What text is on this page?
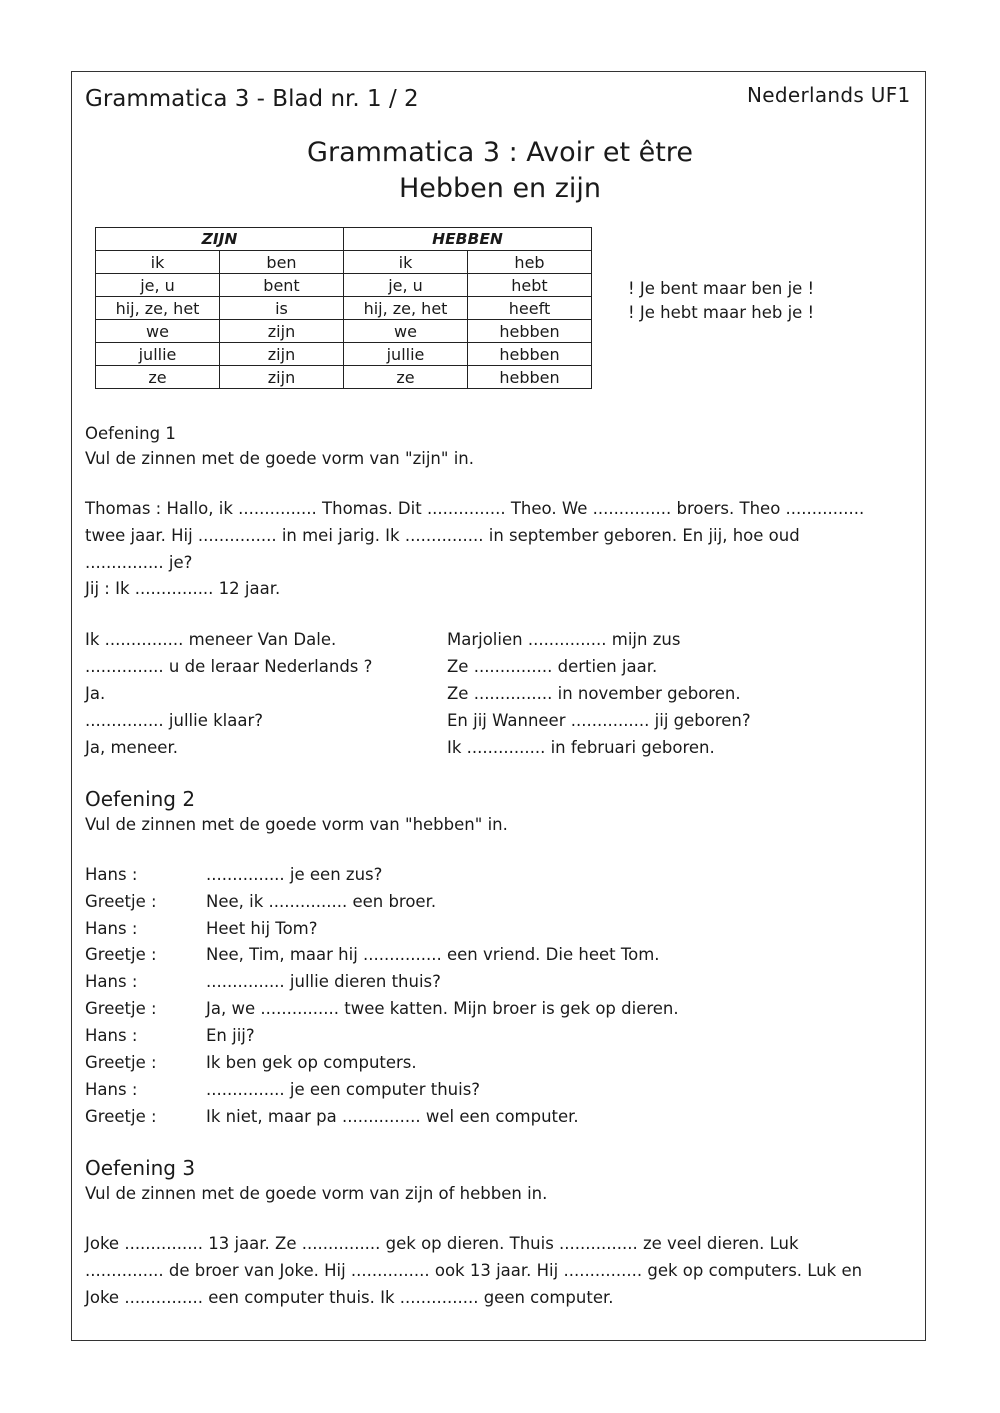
Grammatica 3 - Blad nr. 1 / 2	Nederlands UF1
Grammatica 3 : Avoir et être
Hebben en zijn
ZIJN		HEBBEN	
ik	ben	ik	heb
je, u	bent	je, u	hebt
hij, ze, het	is	hij, ze, het	heeft
we	zijn	we	hebben
jullie	zijn	jullie	hebben
ze	zijn	ze	hebben
! Je bent maar ben je !
! Je hebt maar heb je !
Oefening 1
Vul de zinnen met de goede vorm van "zijn" in.
Thomas : Hallo, ik ............... Thomas. Dit ............... Theo. We ............... broers. Theo ...............
twee jaar. Hij ............... in mei jarig. Ik ............... in september geboren. En jij, hoe oud
............... je?
Jij : Ik ............... 12 jaar.
Ik ............... meneer Van Dale.
............... u de leraar Nederlands ?
Ja.
............... jullie klaar?
Ja, meneer.
Marjolien ............... mijn zus
Ze ............... dertien jaar.
Ze ............... in november geboren.
En jij Wanneer ............... jij geboren?
Ik ............... in februari geboren.
Oefening 2
Vul de zinnen met de goede vorm van "hebben" in.
Hans :	............... je een zus?
Greetje :	Nee, ik ............... een broer.
Hans :	Heet hij Tom?
Greetje :	Nee, Tim, maar hij ............... een vriend. Die heet Tom.
Hans :	............... jullie dieren thuis?
Greetje :	Ja, we ............... twee katten. Mijn broer is gek op dieren.
Hans :	En jij?
Greetje :	Ik ben gek op computers.
Hans :	............... je een computer thuis?
Greetje :	Ik niet, maar pa ............... wel een computer.
Oefening 3
Vul de zinnen met de goede vorm van zijn of hebben in.
Joke ............... 13 jaar. Ze ............... gek op dieren. Thuis ............... ze veel dieren. Luk
............... de broer van Joke. Hij ............... ook 13 jaar. Hij ............... gek op computers. Luk en
Joke ............... een computer thuis. Ik ............... geen computer.
